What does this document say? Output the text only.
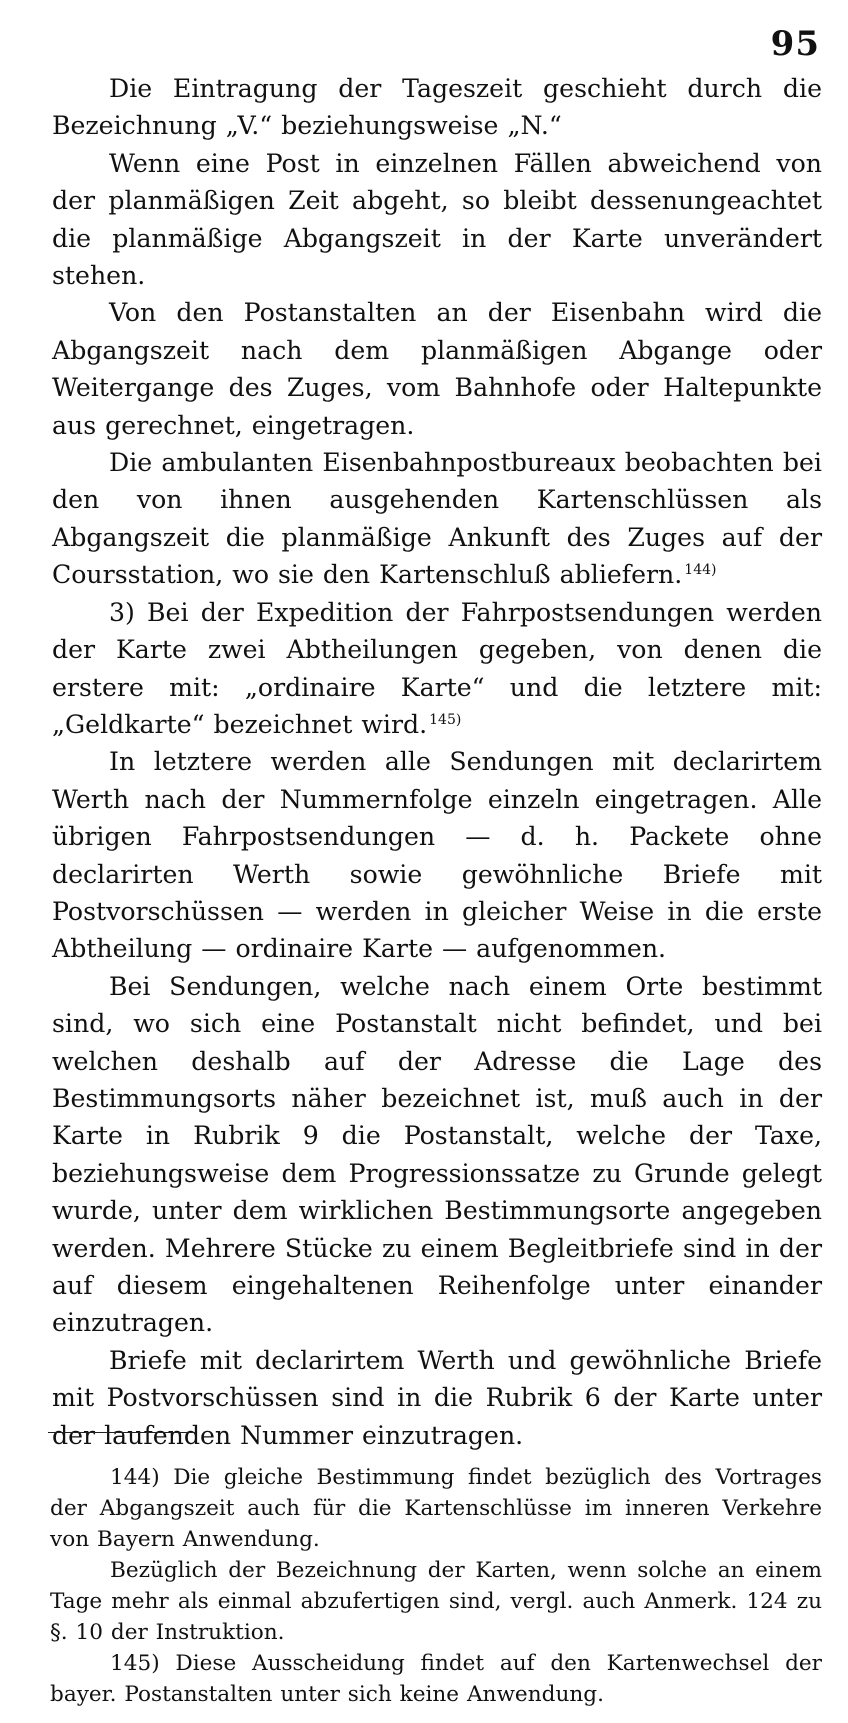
95

Die Eintragung der Tageszeit geschieht durch die Bezeichnung „V.“ beziehungsweise „N.“

Wenn eine Post in einzelnen Fällen abweichend von der planmäßigen Zeit abgeht, so bleibt dessenungeachtet die planmäßige Abgangszeit in der Karte unverändert stehen.

Von den Postanstalten an der Eisenbahn wird die Abgangszeit nach dem planmäßigen Abgange oder Weitergange des Zuges, vom Bahnhofe oder Haltepunkte aus gerechnet, eingetragen.

Die ambulanten Eisenbahnpostbureaux beobachten bei den von ihnen ausgehenden Kartenschlüssen als Abgangszeit die planmäßige Ankunft des Zuges auf der Coursstation, wo sie den Kartenschluß abliefern. $^{144)}$

3) Bei der Expedition der Fahrpostsendungen werden der Karte zwei Abtheilungen gegeben, von denen die erstere mit: „ordinaire Karte“ und die letztere mit: „Geldkarte“ bezeichnet wird. $^{145)}$

In letztere werden alle Sendungen mit declarirtem Werth nach der Nummernfolge einzeln eingetragen. Alle übrigen Fahrpostsendungen — d. h. Packete ohne declarirten Werth sowie gewöhnliche Briefe mit Postvorschüssen — werden in gleicher Weise in die erste Abtheilung — ordinaire Karte — aufgenommen.

Bei Sendungen, welche nach einem Orte bestimmt sind, wo sich eine Postanstalt nicht befindet, und bei welchen deshalb auf der Adresse die Lage des Bestimmungsorts näher bezeichnet ist, muß auch in der Karte in Rubrik 9 die Postanstalt, welche der Taxe, beziehungsweise dem Progressionssatze zu Grunde gelegt wurde, unter dem wirklichen Bestimmungsorte angegeben werden. Mehrere Stücke zu einem Begleitbriefe sind in der auf diesem eingehaltenen Reihenfolge unter einander einzutragen.

Briefe mit declarirtem Werth und gewöhnliche Briefe mit Postvorschüssen sind in die Rubrik 6 der Karte unter der laufenden Nummer einzutragen.

144) Die gleiche Bestimmung findet bezüglich des Vortrages der Abgangszeit auch für die Kartenschlüsse im inneren Verkehre von Bayern Anwendung.

Bezüglich der Bezeichnung der Karten, wenn solche an einem Tage mehr als einmal abzufertigen sind, vergl. auch Anmerk. 124 zu §. 10 der Instruktion.

145) Diese Ausscheidung findet auf den Kartenwechsel der bayer. Postanstalten unter sich keine Anwendung.
